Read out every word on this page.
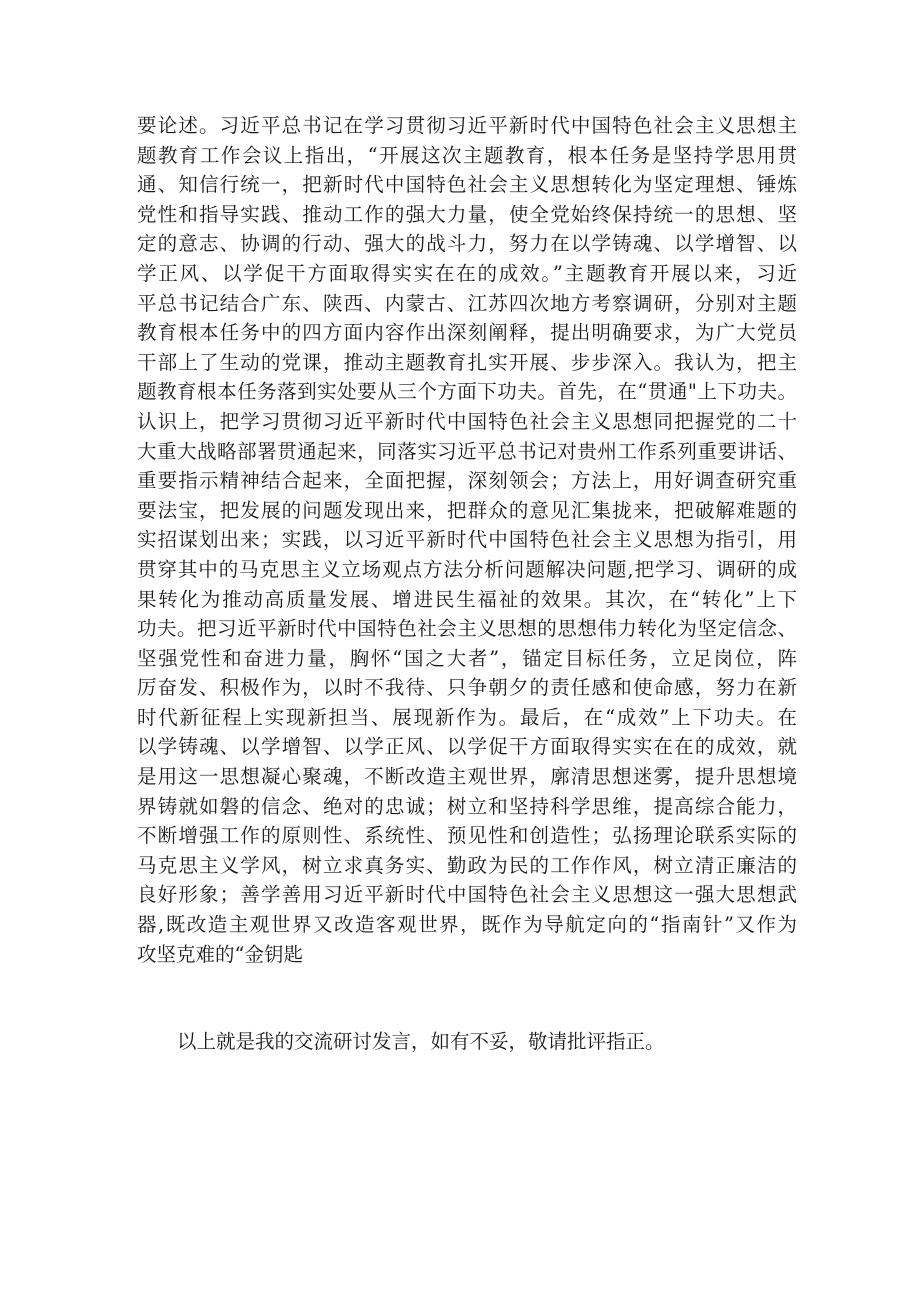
要论述。习近平总书记在学习贯彻习近平新时代中国特色社会主义思想主
题教育工作会议上指出，“开展这次主题教育，根本任务是坚持学思用贯
通、知信行统一，把新时代中国特色社会主义思想转化为坚定理想、锤炼
党性和指导实践、推动工作的强大力量，使全党始终保持统一的思想、坚
定的意志、协调的行动、强大的战斗力，努力在以学铸魂、以学增智、以
学正风、以学促干方面取得实实在在的成效。”主题教育开展以来，习近
平总书记结合广东、陕西、内蒙古、江苏四次地方考察调研，分别对主题
教育根本任务中的四方面内容作出深刻阐释，提出明确要求，为广大党员
干部上了生动的党课，推动主题教育扎实开展、步步深入。我认为，把主
题教育根本任务落到实处要从三个方面下功夫。首先，在“贯通"上下功夫。
认识上，把学习贯彻习近平新时代中国特色社会主义思想同把握党的二十
大重大战略部署贯通起来，同落实习近平总书记对贵州工作系列重要讲话、
重要指示精神结合起来，全面把握，深刻领会；方法上，用好调查研究重
要法宝，把发展的问题发现出来，把群众的意见汇集拢来，把破解难题的
实招谋划出来；实践，以习近平新时代中国特色社会主义思想为指引，用
贯穿其中的马克思主义立场观点方法分析问题解决问题,把学习、调研的成
果转化为推动高质量发展、增进民生福祉的效果。其次，在“转化”上下
功夫。把习近平新时代中国特色社会主义思想的思想伟力转化为坚定信念、
坚强党性和奋进力量，胸怀“国之大者”，锚定目标任务，立足岗位，阵
厉奋发、积极作为，以时不我待、只争朝夕的责任感和使命感，努力在新
时代新征程上实现新担当、展现新作为。最后，在“成效”上下功夫。在
以学铸魂、以学增智、以学正风、以学促干方面取得实实在在的成效，就
是用这一思想凝心聚魂，不断改造主观世界，廓清思想迷雾，提升思想境
界铸就如磐的信念、绝对的忠诚；树立和坚持科学思维，提高综合能力，
不断增强工作的原则性、系统性、预见性和创造性；弘扬理论联系实际的
马克思主义学风，树立求真务实、勤政为民的工作作风，树立清正廉洁的
良好形象；善学善用习近平新时代中国特色社会主义思想这一强大思想武
器,既改造主观世界又改造客观世界，既作为导航定向的“指南针”又作为
攻坚克难的“金钥匙
以上就是我的交流研讨发言，如有不妥，敬请批评指正。
